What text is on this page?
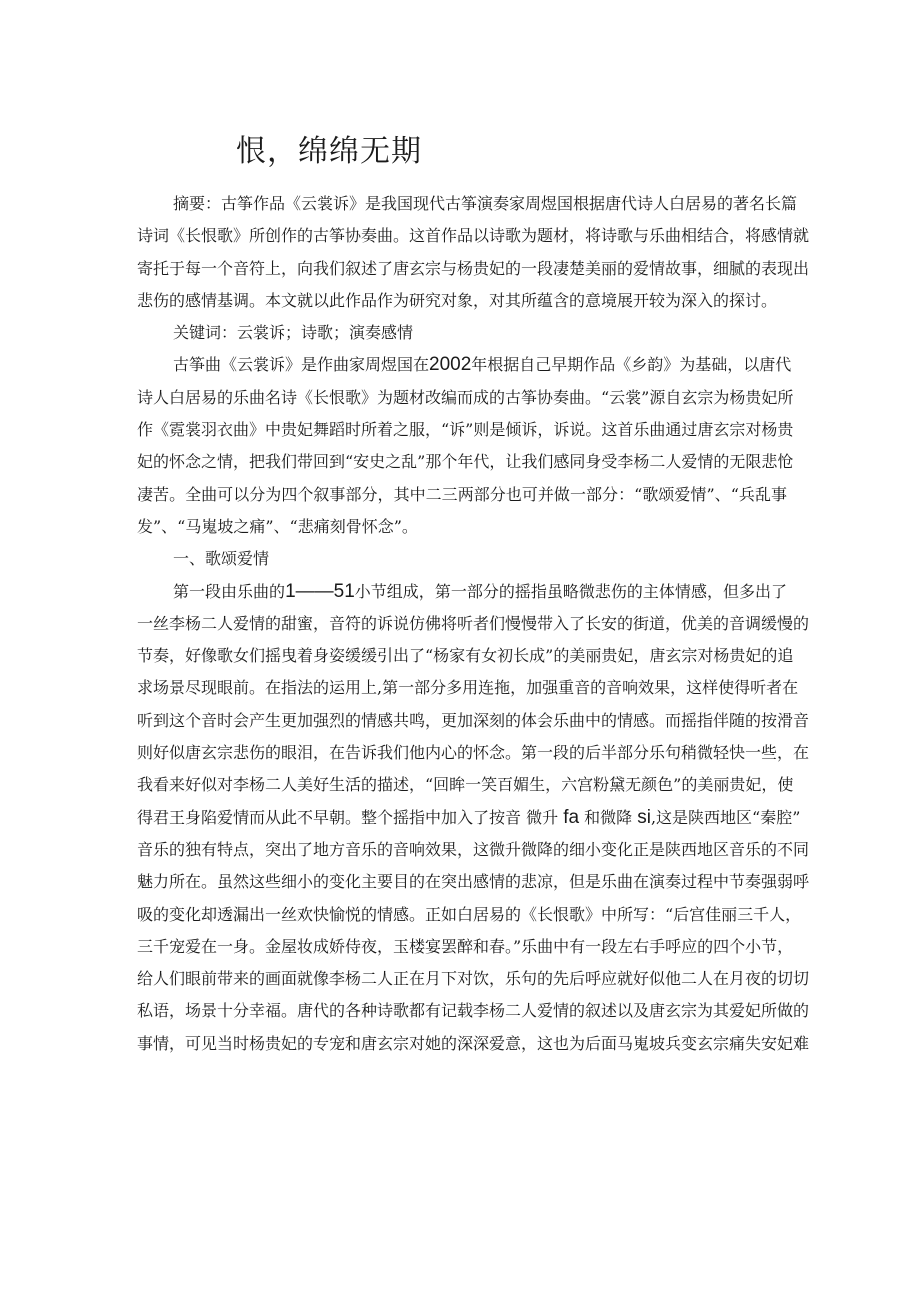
恨，绵绵无期
摘要：古筝作品《云裳诉》是我国现代古筝演奏家周煜国根据唐代诗人白居易的著名长篇
诗词《长恨歌》所创作的古筝协奏曲。这首作品以诗歌为题材，将诗歌与乐曲相结合，将感情就
寄托于每一个音符上，向我们叙述了唐玄宗与杨贵妃的一段凄楚美丽的爱情故事，细腻的表现出
悲伤的感情基调。本文就以此作品作为研究对象，对其所蕴含的意境展开较为深入的探讨。
关键词：云裳诉；诗歌；演奏感情
古筝曲《云裳诉》是作曲家周煜国在2002年根据自己早期作品《乡韵》为基础，以唐代
诗人白居易的乐曲名诗《长恨歌》为题材改编而成的古筝协奏曲。“云裳”源自玄宗为杨贵妃所
作《霓裳羽衣曲》中贵妃舞蹈时所着之服，“诉”则是倾诉，诉说。这首乐曲通过唐玄宗对杨贵
妃的怀念之情，把我们带回到“安史之乱”那个年代，让我们感同身受李杨二人爱情的无限悲怆
凄苦。全曲可以分为四个叙事部分，其中二三两部分也可并做一部分：“歌颂爱情”、“兵乱事
发”、“马嵬坡之痛”、“悲痛刻骨怀念”。
一、歌颂爱情
第一段由乐曲的1——51小节组成，第一部分的摇指虽略微悲伤的主体情感，但多出了
一丝李杨二人爱情的甜蜜，音符的诉说仿佛将听者们慢慢带入了长安的街道，优美的音调缓慢的
节奏，好像歌女们摇曳着身姿缓缓引出了“杨家有女初长成”的美丽贵妃，唐玄宗对杨贵妃的追
求场景尽现眼前。在指法的运用上,第一部分多用连拖，加强重音的音响效果，这样使得听者在
听到这个音时会产生更加强烈的情感共鸣，更加深刻的体会乐曲中的情感。而摇指伴随的按滑音
则好似唐玄宗悲伤的眼泪，在告诉我们他内心的怀念。第一段的后半部分乐句稍微轻快一些，在
我看来好似对李杨二人美好生活的描述，“回眸一笑百媚生，六宫粉黛无颜色”的美丽贵妃，使
得君王身陷爱情而从此不早朝。整个摇指中加入了按音 微升 fa 和微降 si,这是陕西地区“秦腔”
音乐的独有特点，突出了地方音乐的音响效果，这微升微降的细小变化正是陕西地区音乐的不同
魅力所在。虽然这些细小的变化主要目的在突出感情的悲凉，但是乐曲在演奏过程中节奏强弱呼
吸的变化却透漏出一丝欢快愉悦的情感。正如白居易的《长恨歌》中所写：“后宫佳丽三千人，
三千宠爱在一身。金屋妆成娇侍夜，玉楼宴罢醉和春。”乐曲中有一段左右手呼应的四个小节，
给人们眼前带来的画面就像李杨二人正在月下对饮，乐句的先后呼应就好似他二人在月夜的切切
私语，场景十分幸福。唐代的各种诗歌都有记载李杨二人爱情的叙述以及唐玄宗为其爱妃所做的
事情，可见当时杨贵妃的专宠和唐玄宗对她的深深爱意，这也为后面马嵬坡兵变玄宗痛失安妃难
